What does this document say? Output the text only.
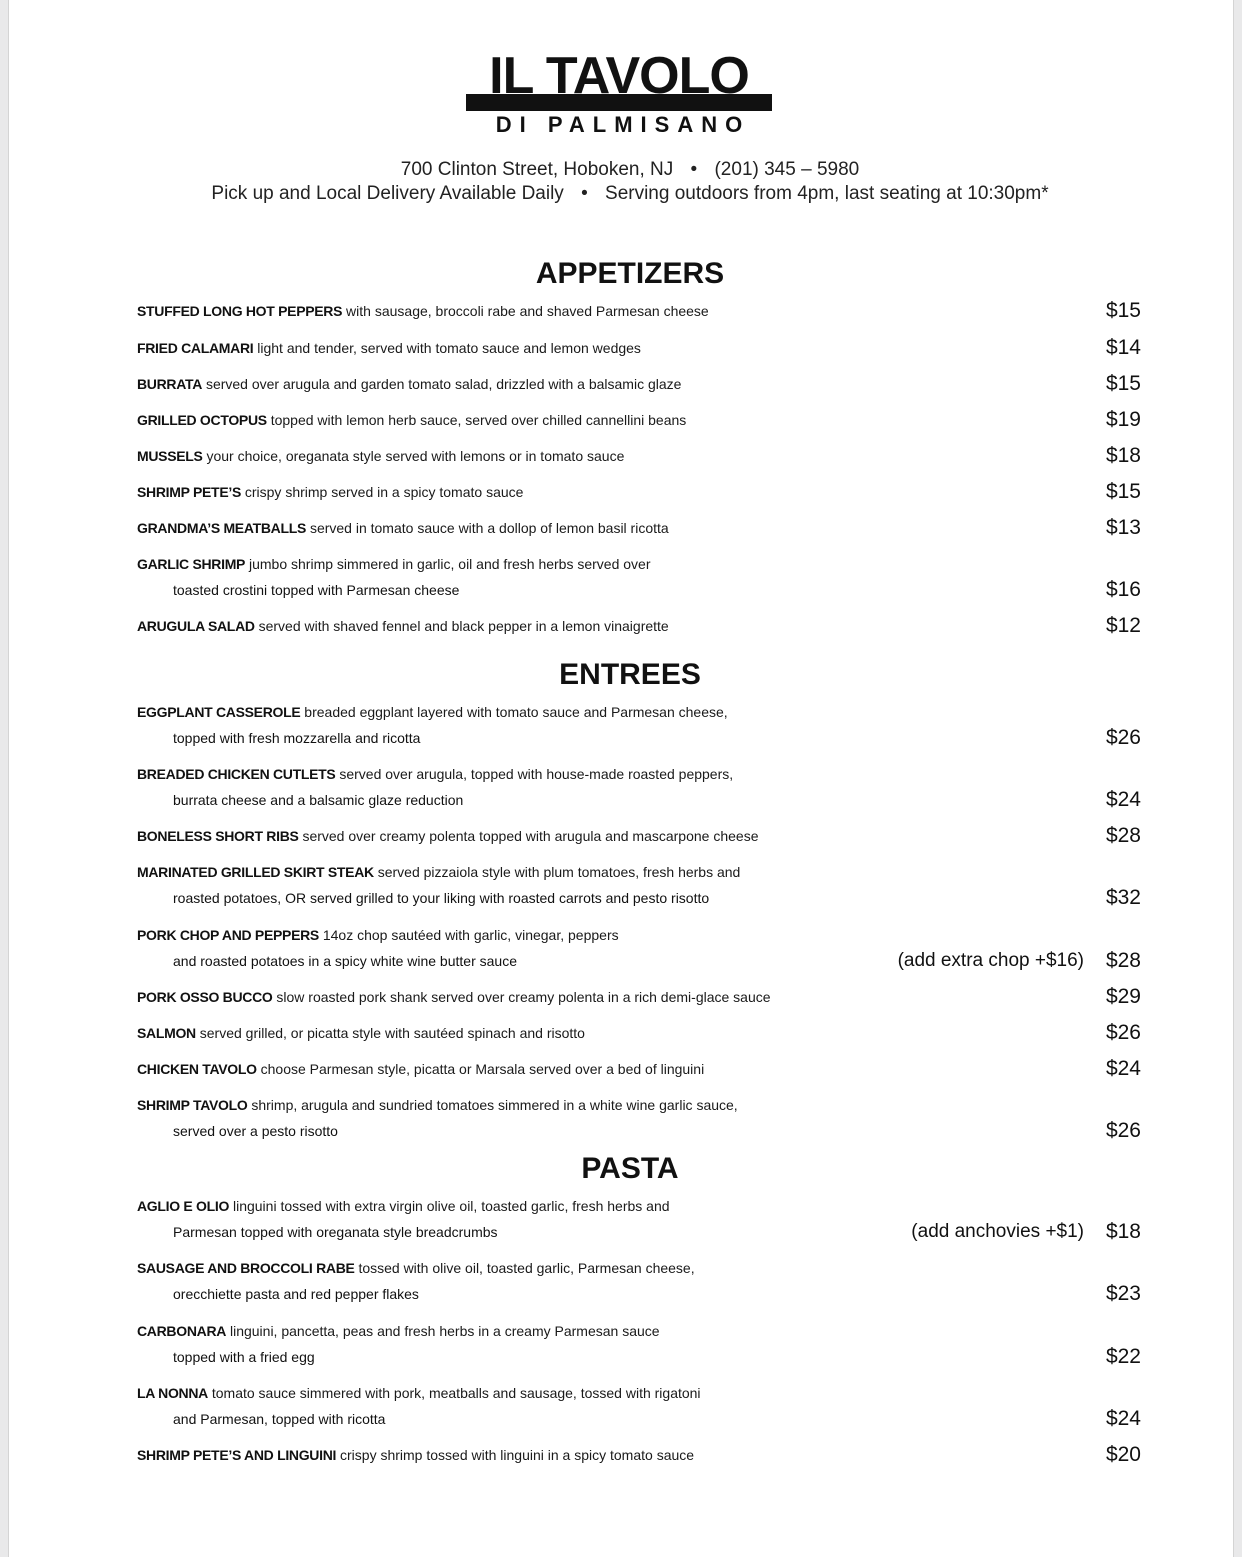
IL TAVOLO
DI PALMISANO
700 Clinton Street, Hoboken, NJ • (201) 345 – 5980
Pick up and Local Delivery Available Daily • Serving outdoors from 4pm, last seating at 10:30pm*
APPETIZERS
STUFFED LONG HOT PEPPERS with sausage, broccoli rabe and shaved Parmesan cheese	$15
FRIED CALAMARI light and tender, served with tomato sauce and lemon wedges	$14
BURRATA served over arugula and garden tomato salad, drizzled with a balsamic glaze	$15
GRILLED OCTOPUS topped with lemon herb sauce, served over chilled cannellini beans	$19
MUSSELS your choice, oreganata style served with lemons or in tomato sauce	$18
SHRIMP PETE’S crispy shrimp served in a spicy tomato sauce	$15
GRANDMA’S MEATBALLS served in tomato sauce with a dollop of lemon basil ricotta	$13
GARLIC SHRIMP jumbo shrimp simmered in garlic, oil and fresh herbs served over
toasted crostini topped with Parmesan cheese	$16
ARUGULA SALAD served with shaved fennel and black pepper in a lemon vinaigrette	$12
ENTREES
EGGPLANT CASSEROLE breaded eggplant layered with tomato sauce and Parmesan cheese,
topped with fresh mozzarella and ricotta	$26
BREADED CHICKEN CUTLETS served over arugula, topped with house-made roasted peppers,
burrata cheese and a balsamic glaze reduction	$24
BONELESS SHORT RIBS served over creamy polenta topped with arugula and mascarpone cheese	$28
MARINATED GRILLED SKIRT STEAK served pizzaiola style with plum tomatoes, fresh herbs and
roasted potatoes, OR served grilled to your liking with roasted carrots and pesto risotto	$32
PORK CHOP AND PEPPERS 14oz chop sautéed with garlic, vinegar, peppers
and roasted potatoes in a spicy white wine butter sauce	(add extra chop +$16)	$28
PORK OSSO BUCCO slow roasted pork shank served over creamy polenta in a rich demi-glace sauce	$29
SALMON served grilled, or picatta style with sautéed spinach and risotto	$26
CHICKEN TAVOLO choose Parmesan style, picatta or Marsala served over a bed of linguini	$24
SHRIMP TAVOLO shrimp, arugula and sundried tomatoes simmered in a white wine garlic sauce,
served over a pesto risotto	$26
PASTA
AGLIO E OLIO linguini tossed with extra virgin olive oil, toasted garlic, fresh herbs and
Parmesan topped with oreganata style breadcrumbs	(add anchovies +$1)	$18
SAUSAGE AND BROCCOLI RABE tossed with olive oil, toasted garlic, Parmesan cheese,
orecchiette pasta and red pepper flakes	$23
CARBONARA linguini, pancetta, peas and fresh herbs in a creamy Parmesan sauce
topped with a fried egg	$22
LA NONNA tomato sauce simmered with pork, meatballs and sausage, tossed with rigatoni
and Parmesan, topped with ricotta	$24
SHRIMP PETE’S AND LINGUINI crispy shrimp tossed with linguini in a spicy tomato sauce	$20
